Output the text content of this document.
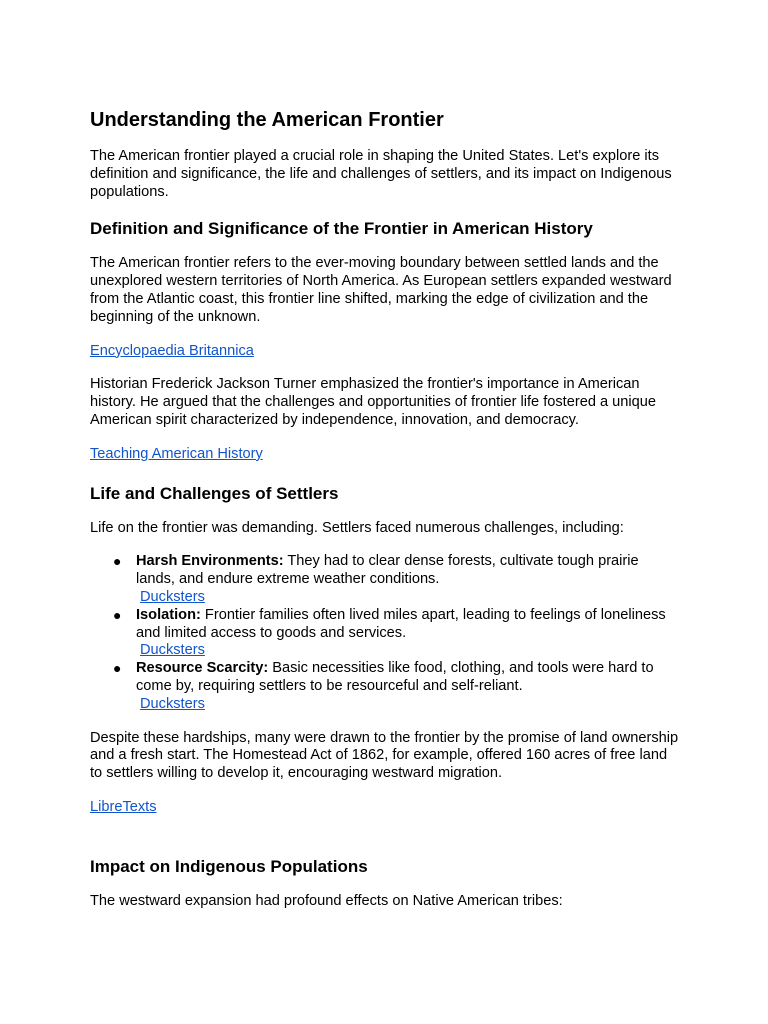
Understanding the American Frontier

The American frontier played a crucial role in shaping the United States. Let's explore its definition and significance, the life and challenges of settlers, and its impact on Indigenous populations.

Definition and Significance of the Frontier in American History

The American frontier refers to the ever-moving boundary between settled lands and the unexplored western territories of North America. As European settlers expanded westward from the Atlantic coast, this frontier line shifted, marking the edge of civilization and the beginning of the unknown.

Encyclopaedia Britannica

Historian Frederick Jackson Turner emphasized the frontier's importance in American history. He argued that the challenges and opportunities of frontier life fostered a unique American spirit characterized by independence, innovation, and democracy.

Teaching American History
Life and Challenges of Settlers

Life on the frontier was demanding. Settlers faced numerous challenges, including:

● Harsh Environments: They had to clear dense forests, cultivate tough prairie lands, and endure extreme weather conditions.
Ducksters
● Isolation: Frontier families often lived miles apart, leading to feelings of loneliness and limited access to goods and services.
Ducksters
● Resource Scarcity: Basic necessities like food, clothing, and tools were hard to come by, requiring settlers to be resourceful and self-reliant.
Ducksters

Despite these hardships, many were drawn to the frontier by the promise of land ownership and a fresh start. The Homestead Act of 1862, for example, offered 160 acres of free land to settlers willing to develop it, encouraging westward migration.

LibreTexts
Impact on Indigenous Populations

The westward expansion had profound effects on Native American tribes:
